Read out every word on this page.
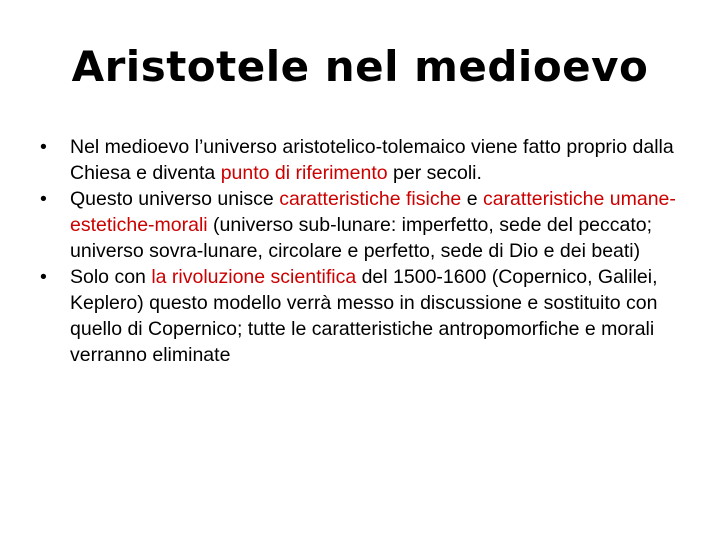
Aristotele nel medioevo
•	Nel medioevo l’universo aristotelico-tolemaico viene fatto proprio dalla Chiesa e diventa punto di riferimento per secoli.
•	Questo universo unisce caratteristiche fisiche e caratteristiche umane-estetiche-morali (universo sub-lunare: imperfetto, sede del peccato; universo sovra-lunare, circolare e perfetto, sede di Dio e dei beati)
•	Solo con la rivoluzione scientifica del 1500-1600 (Copernico, Galilei, Keplero) questo modello verrà messo in discussione e sostituito con quello di Copernico; tutte le caratteristiche antropomorfiche e morali verranno eliminate
